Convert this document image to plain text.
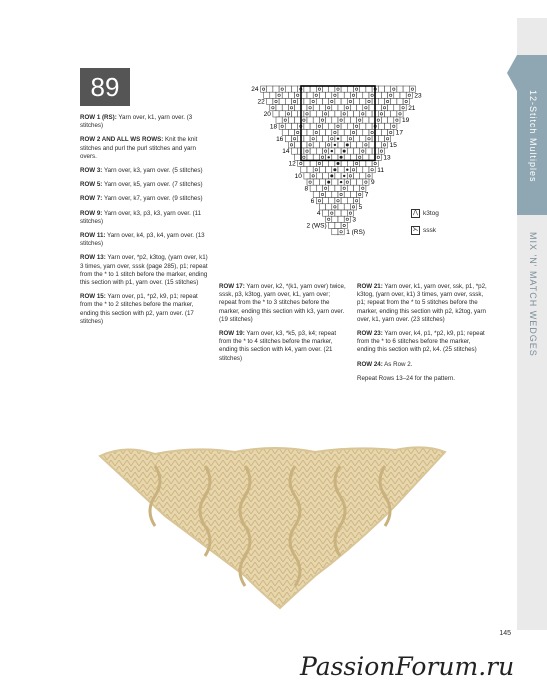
12-Stitch Multiples
MIX 'N' MATCH WEDGES
89

ROW 1 (RS): Yarn over, k1, yarn over. (3 stitches)

ROW 2 AND ALL WS ROWS: Knit the knit stitches and purl the purl stitches and yarn overs.

ROW 3: Yarn over, k3, yarn over. (5 stitches)

ROW 5: Yarn over, k5, yarn over. (7 stitches)

ROW 7: Yarn over, k7, yarn over. (9 stitches)

ROW 9: Yarn over, k3, p3, k3, yarn over. (11 stitches)

ROW 11: Yarn over, k4, p3, k4, yarn over. (13 stitches)

ROW 13: Yarn over, *p2, k3tog, (yarn over, k1) 3 times, yarn over, sssk (page 285), p1; repeat from the * to 1 stitch before the marker, ending this section with p1, yarn over. (15 stitches)

ROW 15: Yarn over, p1, *p2, k9, p1; repeat from the * to 2 stitches before the marker, ending this section with p2, yarn over. (17 stitches)

ROW 17: Yarn over, k2, *(k1, yarn over) twice, sssk, p3, k3tog, yarn over, k1, yarn over; repeat from the * to 3 stitches before the marker, ending this section with k3, yarn over. (19 stitches)

ROW 19: Yarn over, k3, *k5, p3, k4; repeat from the * to 4 stitches before the marker, ending this section with k4, yarn over. (21 stitches)

ROW 21: Yarn over, k1, yarn over, ssk, p1, *p2, k3tog, (yarn over, k1) 3 times, yarn over, sssk, p1; repeat from the * to 5 stitches before the marker, ending this section with p2, k2tog, yarn over, k1, yarn over. (23 stitches)

ROW 23: Yarn over, k4, p1, *p2, k9, p1; repeat from the * to 6 stitches before the marker, ending this section with p2, k4. (25 stitches)

ROW 24: As Row 2.

Repeat Rows 13–24 for the pattern.

24
23
22
21
20
19
18
17
16
15
14
13
12
11
10
9
8
7
6
5
4
3
2 (WS)
1 (RS)
⋀ k3tog
⋋ sssk
145
PassionForum.ru
